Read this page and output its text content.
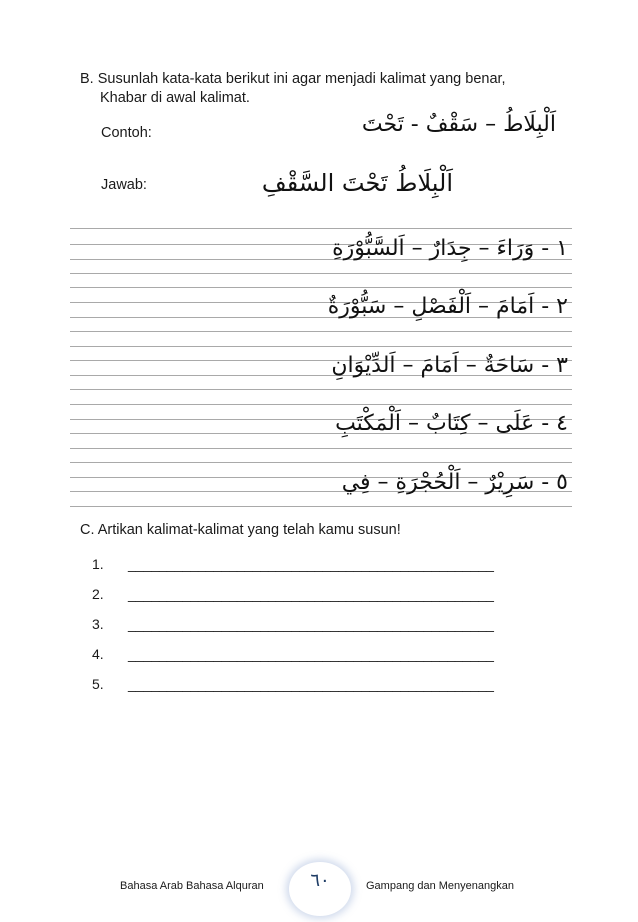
B. Susunlah kata-kata berikut ini agar menjadi kalimat yang benar,
Khabar di awal kalimat.
Contoh:	اَلْبِلَاطُ – سَقْفٌ - تَحْتَ
Jawab:	اَلْبِلَاطُ تَحْتَ السَّقْفِ
١ - وَرَاءَ – جِدَارٌ – اَلسَّبُّوْرَةِ
٢ - اَمَامَ – اَلْفَصْلِ – سَبُّوْرَةٌ
٣ - سَاحَةٌ – اَمَامَ – اَلدِّيْوَانِ
٤ - عَلَى – كِتَابٌ – اَلْمَكْتَبِ
٥ - سَرِيْرٌ – اَلْحُجْرَةِ – فِي
C. Artikan kalimat-kalimat yang telah kamu susun!
1. _______________________________________________
2. _______________________________________________
3. _______________________________________________
4. _______________________________________________
5. _______________________________________________
Bahasa Arab Bahasa Alquran	٦٠	Gampang dan Menyenangkan
